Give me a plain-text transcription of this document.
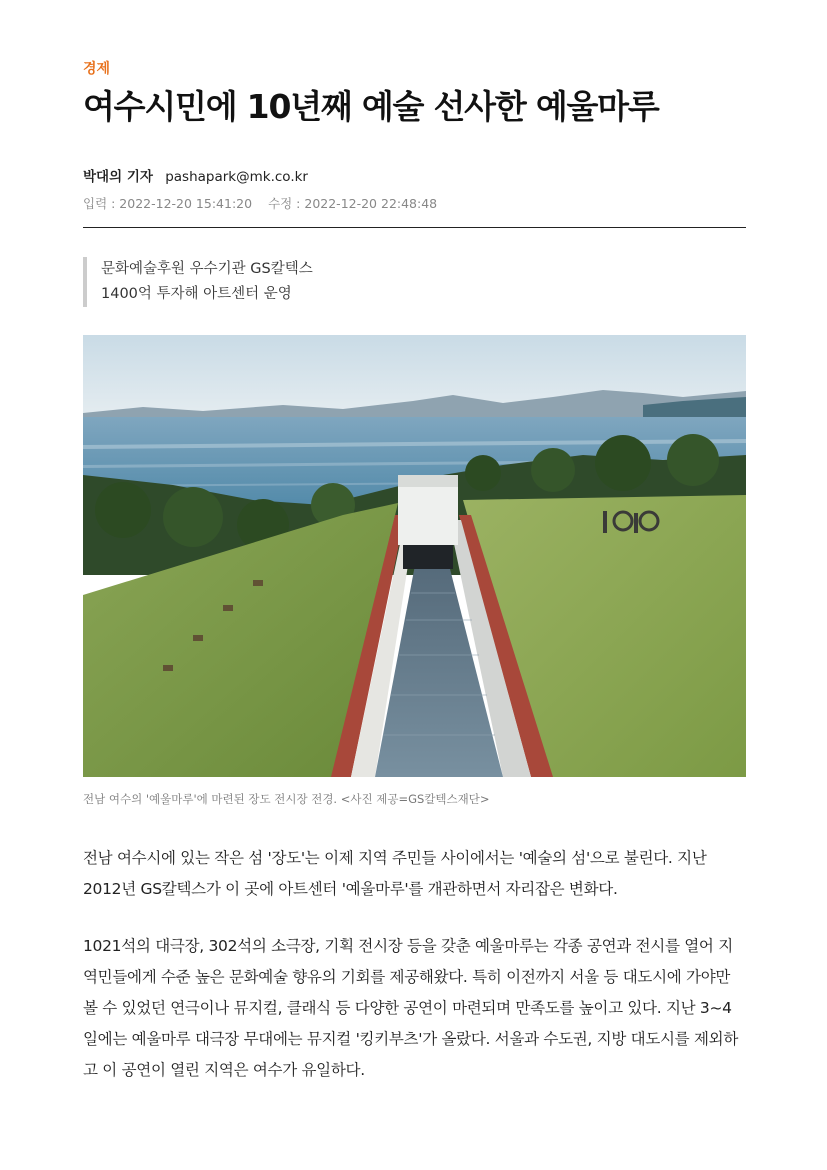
경제
여수시민에 10년째 예술 선사한 예울마루
박대의 기자 pashapark@mk.co.kr
입력 : 2022-12-20 15:41:20 수정 : 2022-12-20 22:48:48
문화예술후원 우수기관 GS칼텍스
1400억 투자해 아트센터 운영
전남 여수의 '예울마루'에 마련된 장도 전시장 전경. <사진 제공=GS칼텍스재단>

전남 여수시에 있는 작은 섬 '장도'는 이제 지역 주민들 사이에서는 '예술의 섬'으로 불린다. 지난 2012년 GS칼텍스가 이 곳에 아트센터 '예울마루'를 개관하면서 자리잡은 변화다.

1021석의 대극장, 302석의 소극장, 기획 전시장 등을 갖춘 예울마루는 각종 공연과 전시를 열어 지역민들에게 수준 높은 문화예술 향유의 기회를 제공해왔다. 특히 이전까지 서울 등 대도시에 가야만 볼 수 있었던 연극이나 뮤지컬, 클래식 등 다양한 공연이 마련되며 만족도를 높이고 있다. 지난 3~4일에는 예울마루 대극장 무대에는 뮤지컬 '킹키부츠'가 올랐다. 서울과 수도권, 지방 대도시를 제외하고 이 공연이 열린 지역은 여수가 유일하다.
